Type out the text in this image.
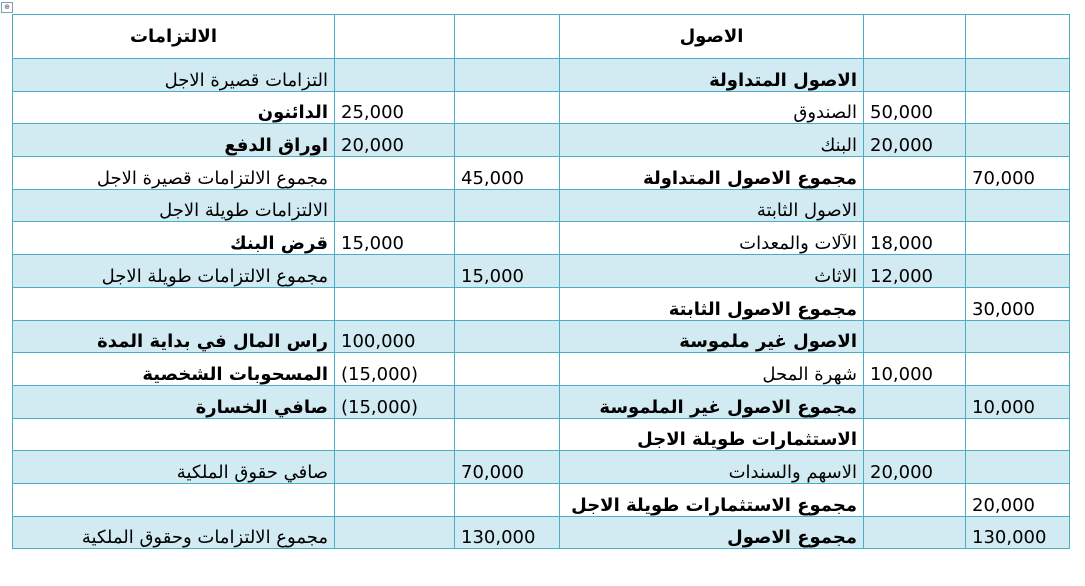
⊕
الالتزامات			الاصول		
التزامات قصيرة الاجل			الاصول المتداولة		
الدائنون	25,000		الصندوق	50,000	
اوراق الدفع	20,000		البنك	20,000	
مجموع الالتزامات قصيرة الاجل		45,000	مجموع الاصول المتداولة		70,000
الالتزامات طويلة الاجل			الاصول الثابتة		
قرض البنك	15,000		الآلات والمعدات	18,000	
مجموع الالتزامات طويلة الاجل		15,000	الاثاث	12,000	
			مجموع الاصول الثابتة		30,000
راس المال في بداية المدة	100,000		الاصول غير ملموسة		
المسحوبات الشخصية	(15,000)		شهرة المحل	10,000	
صافي الخسارة	(15,000)		مجموع الاصول غير الملموسة		10,000
			الاستثمارات طويلة الاجل		
صافي حقوق الملكية		70,000	الاسهم والسندات	20,000	
			مجموع الاستثمارات طويلة الاجل		20,000
مجموع الالتزامات وحقوق الملكية		130,000	مجموع الاصول		130,000
